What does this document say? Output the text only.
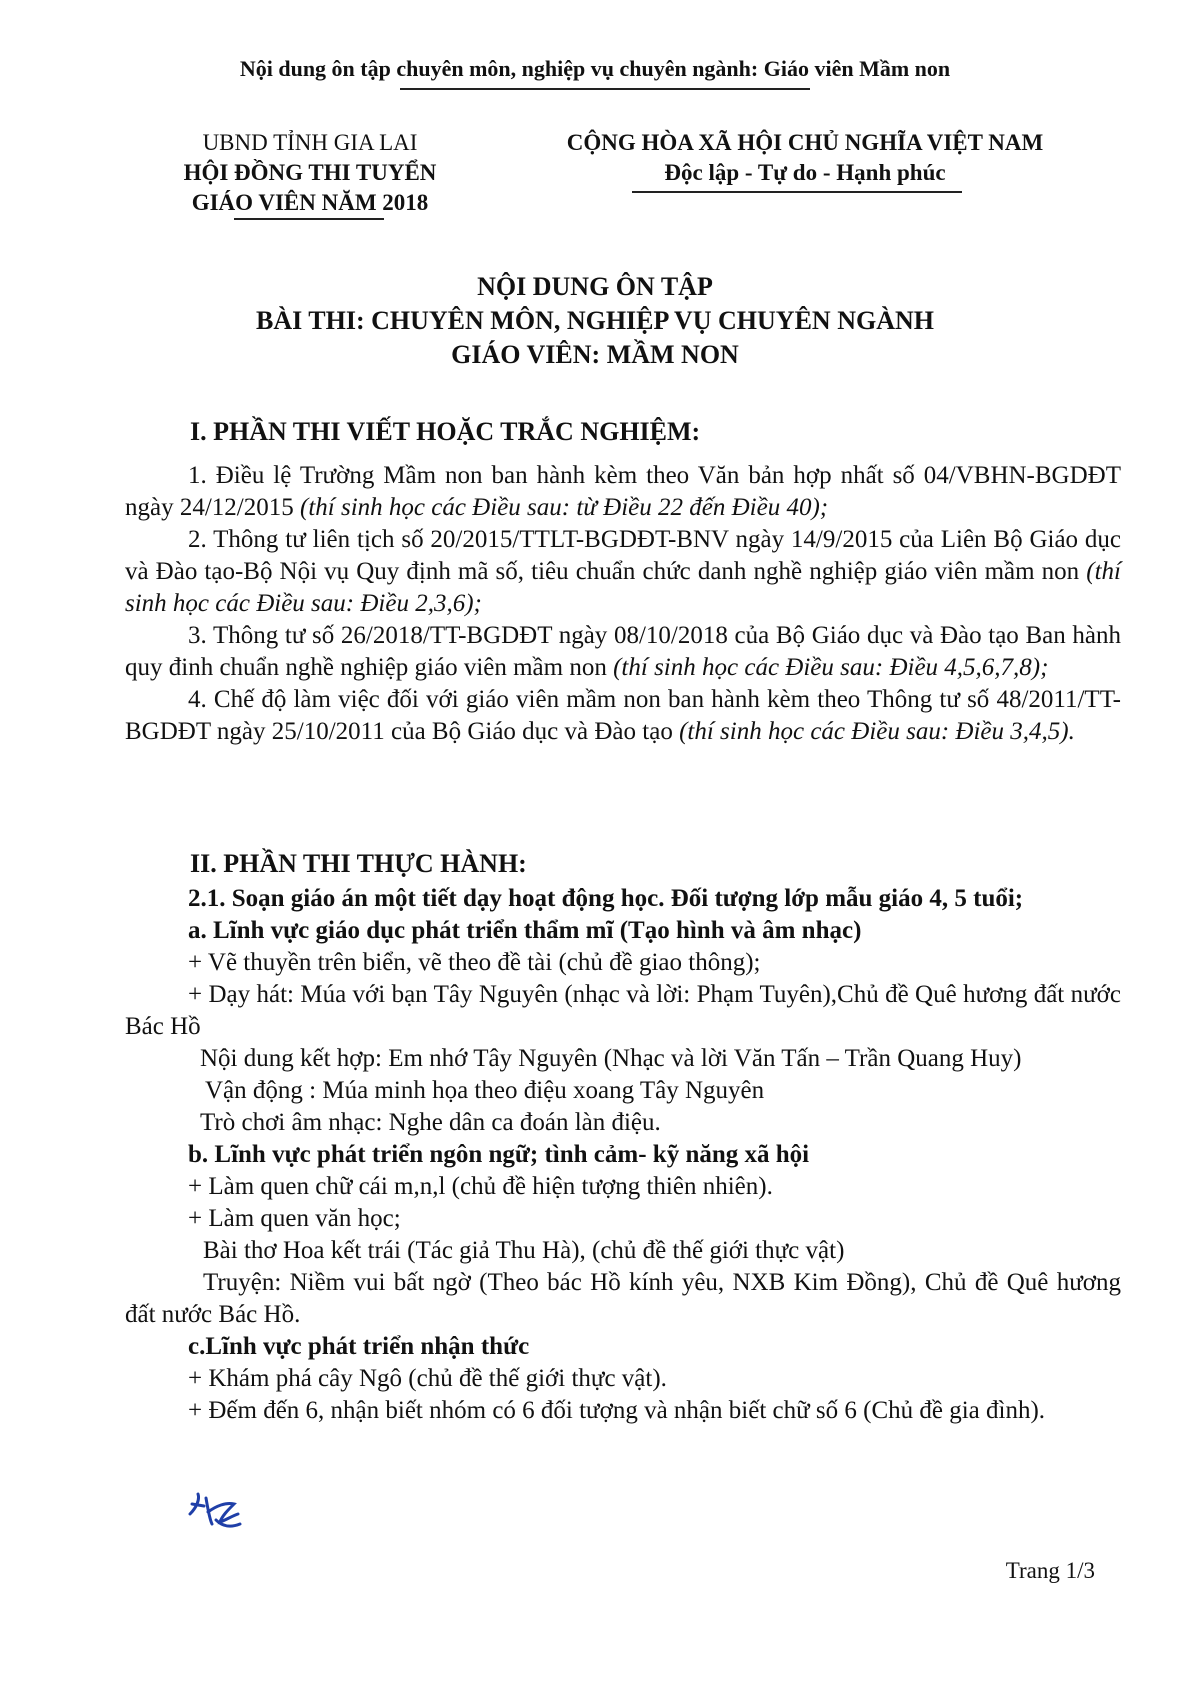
Nội dung ôn tập chuyên môn, nghiệp vụ chuyên ngành: Giáo viên Mầm non
UBND TỈNH GIA LAI
HỘI ĐỒNG THI TUYỂN
GIÁO VIÊN NĂM 2018
CỘNG HÒA XÃ HỘI CHỦ NGHĨA VIỆT NAM
Độc lập - Tự do - Hạnh phúc
NỘI DUNG ÔN TẬP
BÀI THI: CHUYÊN MÔN, NGHIỆP VỤ CHUYÊN NGÀNH
GIÁO VIÊN: MẦM NON
I. PHẦN THI VIẾT HOẶC TRẮC NGHIỆM:
1. Điều lệ Trường Mầm non ban hành kèm theo Văn bản hợp nhất số 04/VBHN-BGDĐT ngày 24/12/2015 (thí sinh học các Điều sau: từ Điều 22 đến Điều 40);
2. Thông tư liên tịch số 20/2015/TTLT-BGDĐT-BNV ngày 14/9/2015 của Liên Bộ Giáo dục và Đào tạo-Bộ Nội vụ Quy định mã số, tiêu chuẩn chức danh nghề nghiệp giáo viên mầm non (thí sinh học các Điều sau: Điều 2,3,6);
3. Thông tư số 26/2018/TT-BGDĐT ngày 08/10/2018 của Bộ Giáo dục và Đào tạo Ban hành quy đinh chuẩn nghề nghiệp giáo viên mầm non (thí sinh học các Điều sau: Điều 4,5,6,7,8);
4. Chế độ làm việc đối với giáo viên mầm non ban hành kèm theo Thông tư số 48/2011/TT-BGDĐT ngày 25/10/2011 của Bộ Giáo dục và Đào tạo (thí sinh học các Điều sau: Điều 3,4,5).
II. PHẦN THI THỰC HÀNH:
2.1. Soạn giáo án một tiết dạy hoạt động học. Đối tượng lớp mẫu giáo 4, 5 tuổi;
a. Lĩnh vực giáo dục phát triển thẩm mĩ (Tạo hình và âm nhạc)
+ Vẽ thuyền trên biển, vẽ theo đề tài (chủ đề giao thông);
+ Dạy hát: Múa với bạn Tây Nguyên (nhạc và lời: Phạm Tuyên),Chủ đề Quê hương đất nước Bác Hồ
Nội dung kết hợp: Em nhớ Tây Nguyên (Nhạc và lời Văn Tấn – Trần Quang Huy)
Vận động : Múa minh họa theo điệu xoang Tây Nguyên
Trò chơi âm nhạc: Nghe dân ca đoán làn điệu.
b. Lĩnh vực phát triển ngôn ngữ; tình cảm- kỹ năng xã hội
+ Làm quen chữ cái m,n,l (chủ đề hiện tượng thiên nhiên).
+ Làm quen văn học;
Bài thơ Hoa kết trái (Tác giả Thu Hà), (chủ đề thế giới thực vật)
Truyện: Niềm vui bất ngờ (Theo bác Hồ kính yêu, NXB Kim Đồng), Chủ đề Quê hương đất nước Bác Hồ.
c.Lĩnh vực phát triển nhận thức
+ Khám phá cây Ngô (chủ đề thế giới thực vật).
+ Đếm đến 6, nhận biết nhóm có 6 đối tượng và nhận biết chữ số 6 (Chủ đề gia đình).
Trang 1/3
